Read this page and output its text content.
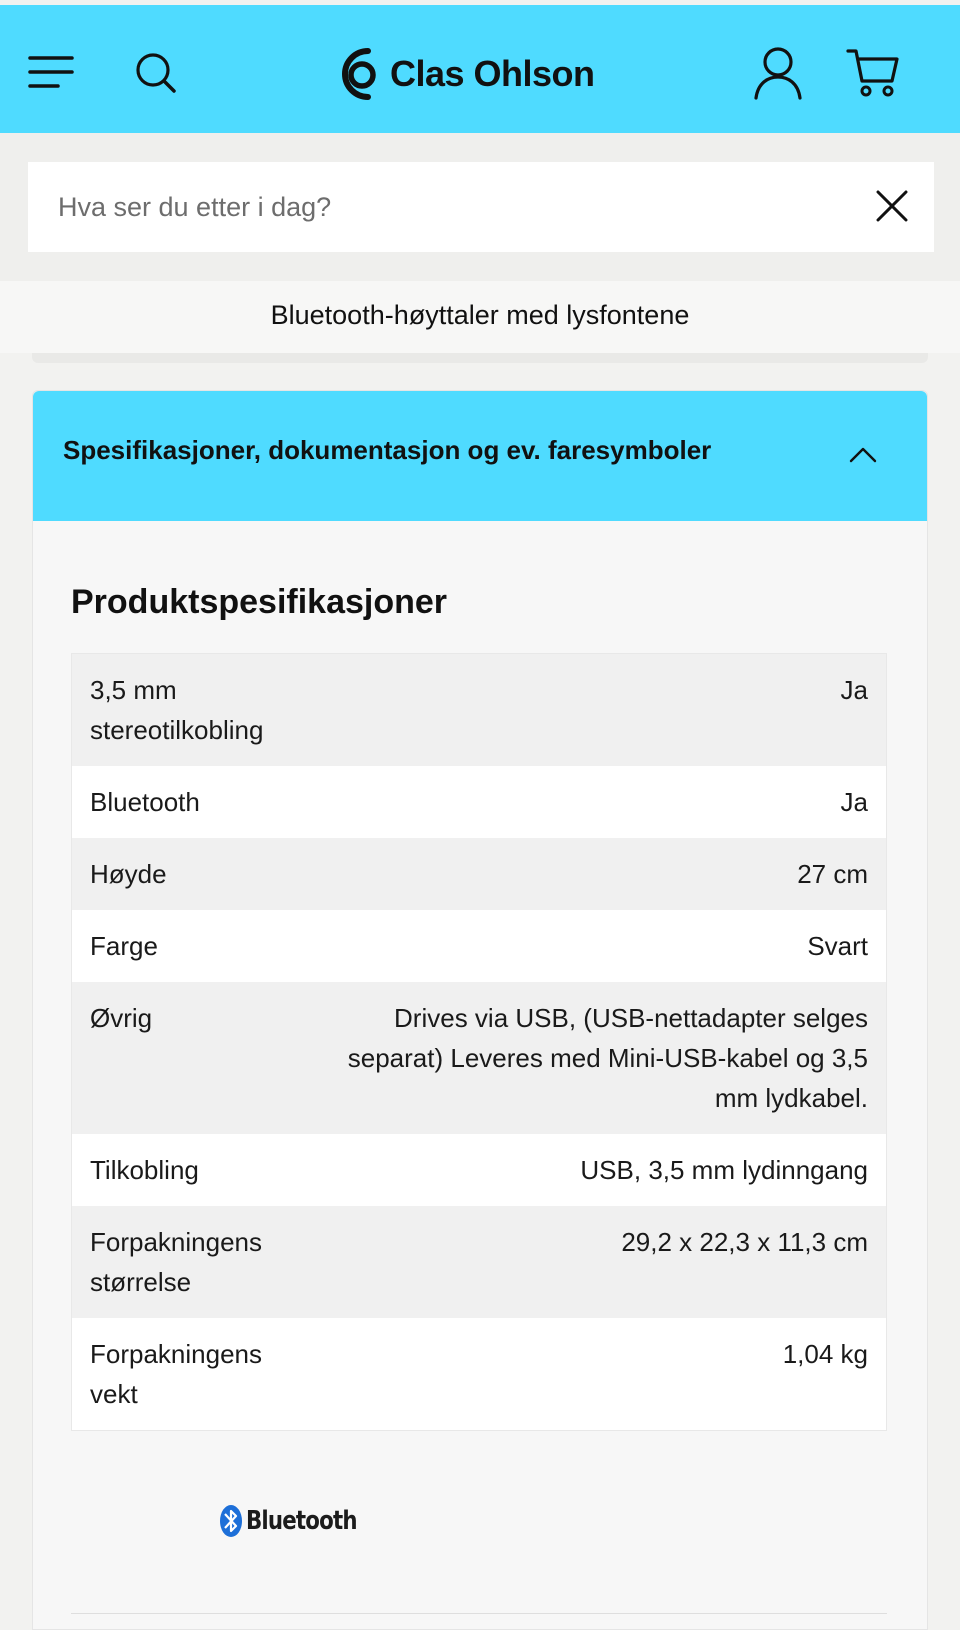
Clas Ohlson
Hva ser du etter i dag?
Bluetooth-høyttaler med lysfontene
Spesifikasjoner, dokumentasjon og ev. faresymboler
Produktspesifikasjoner
3,5 mm stereotilkobling	Ja
Bluetooth	Ja
Høyde	27 cm
Farge	Svart
Øvrig	Drives via USB, (USB-nettadapter selges separat) Leveres med Mini-USB-kabel og 3,5 mm lydkabel.
Tilkobling	USB, 3,5 mm lydinngang
Forpakningens størrelse	29,2 x 22,3 x 11,3 cm
Forpakningens vekt	1,04 kg
Bluetooth
